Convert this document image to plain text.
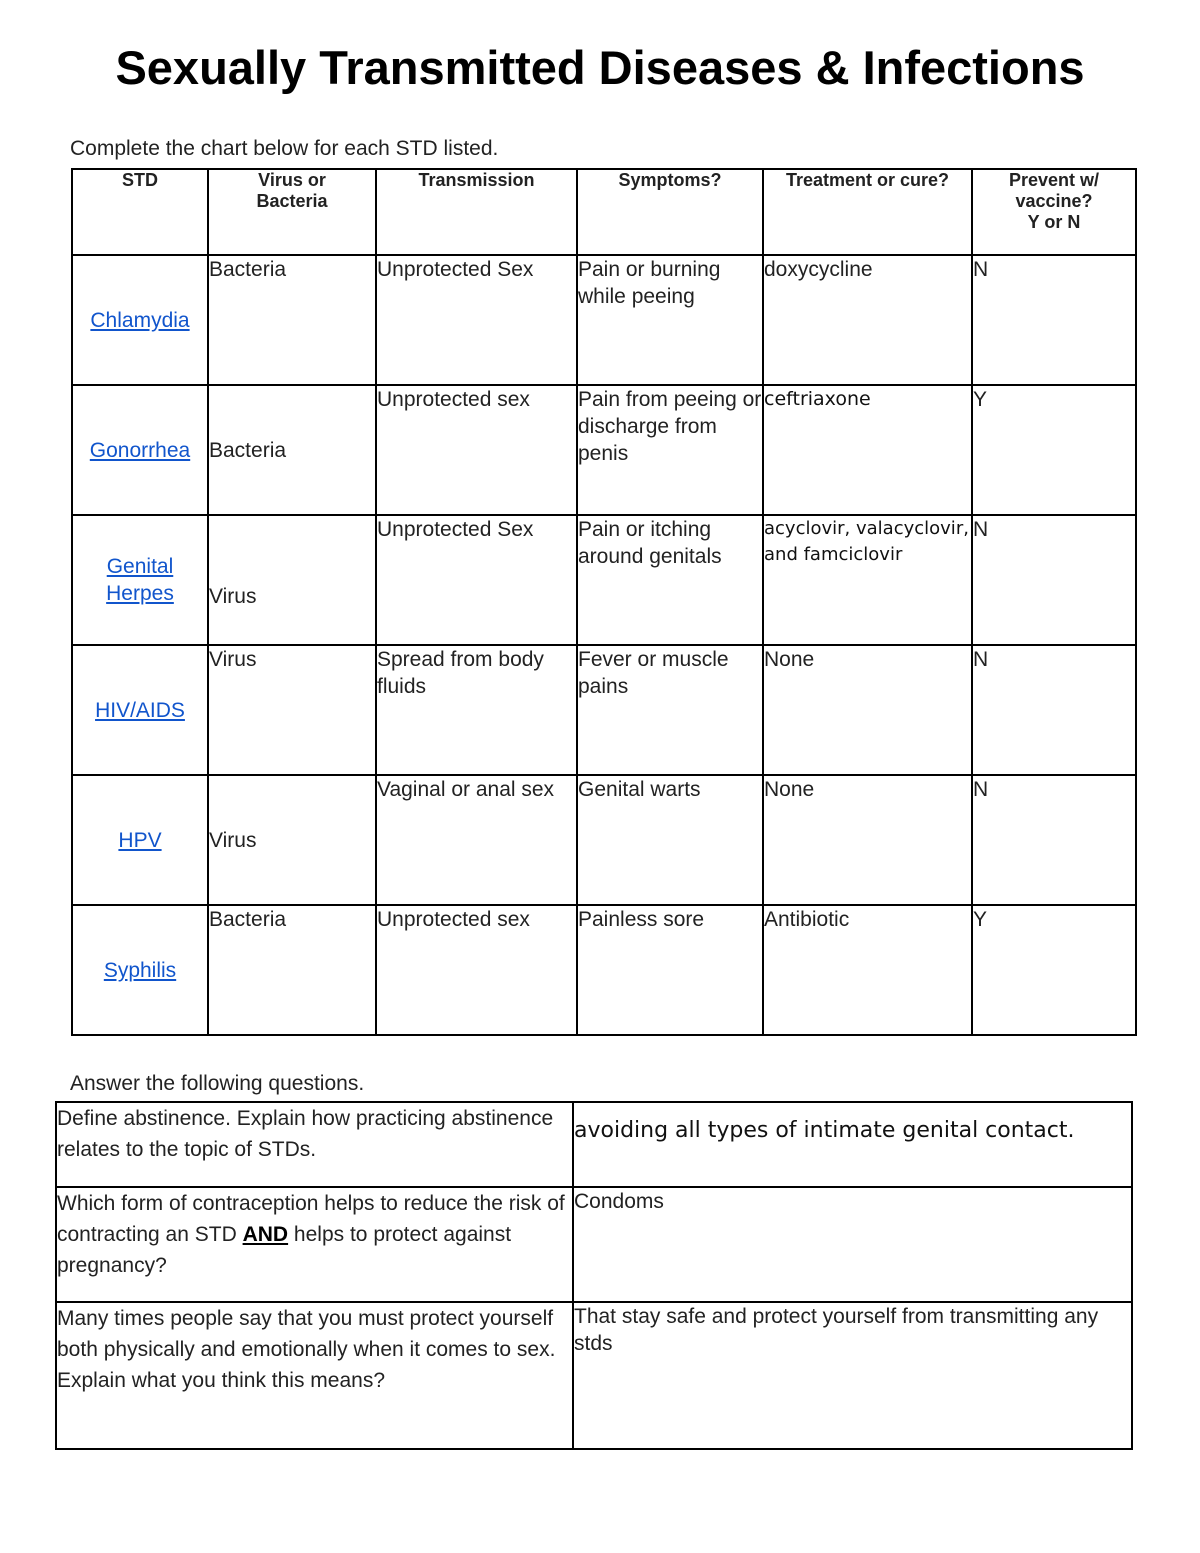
Sexually Transmitted Diseases & Infections
Complete the chart below for each STD listed.
STD	Virus or
Bacteria	Transmission	Symptoms?	Treatment or cure?	Prevent w/
vaccine?
Y or N
Chlamydia	Bacteria	Unprotected Sex	Pain or burning while peeing	doxycycline	N
Gonorrhea	Bacteria	Unprotected sex	Pain from peeing or discharge from penis	ceftriaxone	Y
Genital
Herpes	Virus	Unprotected Sex	Pain or itching around genitals	acyclovir, valacyclovir, and famciclovir	N
HIV/AIDS	Virus	Spread from body fluids	Fever or muscle pains	None	N
HPV	Virus	Vaginal or anal sex	Genital warts	None	N
Syphilis	Bacteria	Unprotected sex	Painless sore	Antibiotic	Y
Answer the following questions.
Define abstinence. Explain how practicing abstinence relates to the topic of STDs.	avoiding all types of intimate genital contact.
Which form of contraception helps to reduce the risk of contracting an STD AND helps to protect against pregnancy?	Condoms
Many times people say that you must protect yourself both physically and emotionally when it comes to sex. Explain what you think this means?	That stay safe and protect yourself from transmitting any stds
